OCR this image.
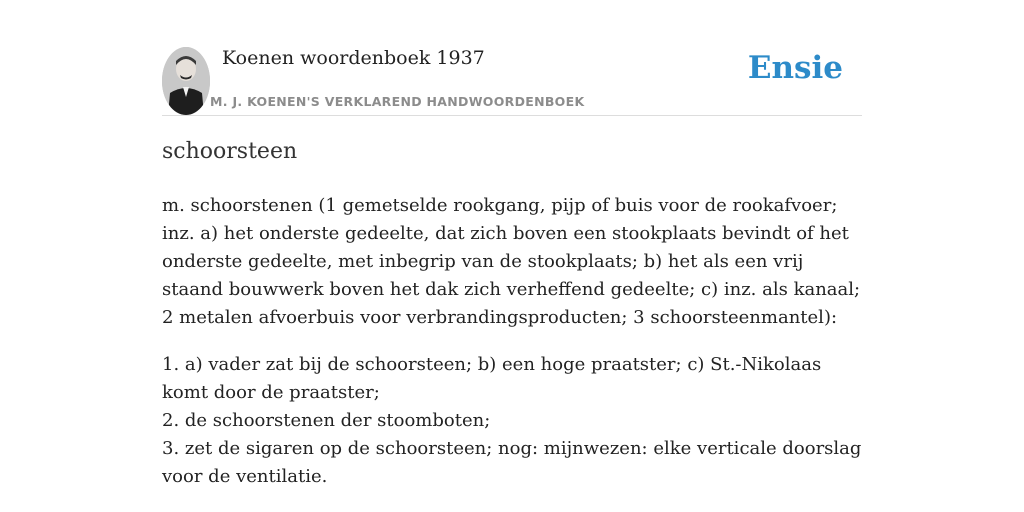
Koenen woordenboek 1937
M. J. KOENEN'S VERKLAREND HANDWOORDENBOEK
Ensie
schoorsteen
m. schoorstenen (1 gemetselde rookgang, pijp of buis voor de rookafvoer; inz. a) het onderste gedeelte, dat zich boven een stookplaats bevindt of het onderste gedeelte, met inbegrip van de stookplaats; b) het als een vrij staand bouwwerk boven het dak zich verheffend gedeelte; c) inz. als kanaal; 2 metalen afvoerbuis voor verbrandingsproducten; 3 schoorsteenmantel):
1. a) vader zat bij de schoorsteen; b) een hoge praatster; c) St.-Nikolaas komt door de praatster;
2. de schoorstenen der stoomboten;
3. zet de sigaren op de schoorsteen; nog: mijnwezen: elke verticale doorslag voor de ventilatie.
